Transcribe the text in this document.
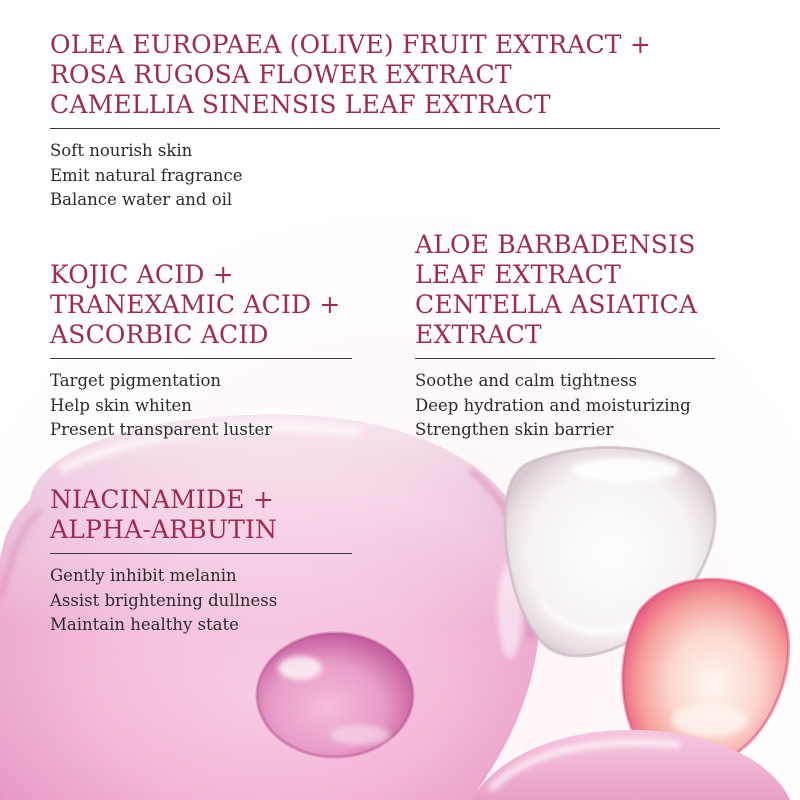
OLEA EUROPAEA (OLIVE) FRUIT EXTRACT +
ROSA RUGOSA FLOWER EXTRACT
CAMELLIA SINENSIS LEAF EXTRACT
Soft nourish skin
Emit natural fragrance
Balance water and oil
KOJIC ACID +
TRANEXAMIC ACID +
ASCORBIC ACID
Target pigmentation
Help skin whiten
Present transparent luster
ALOE BARBADENSIS
LEAF EXTRACT
CENTELLA ASIATICA
EXTRACT
Soothe and calm tightness
Deep hydration and moisturizing
Strengthen skin barrier
NIACINAMIDE +
ALPHA-ARBUTIN
Gently inhibit melanin
Assist brightening dullness
Maintain healthy state
